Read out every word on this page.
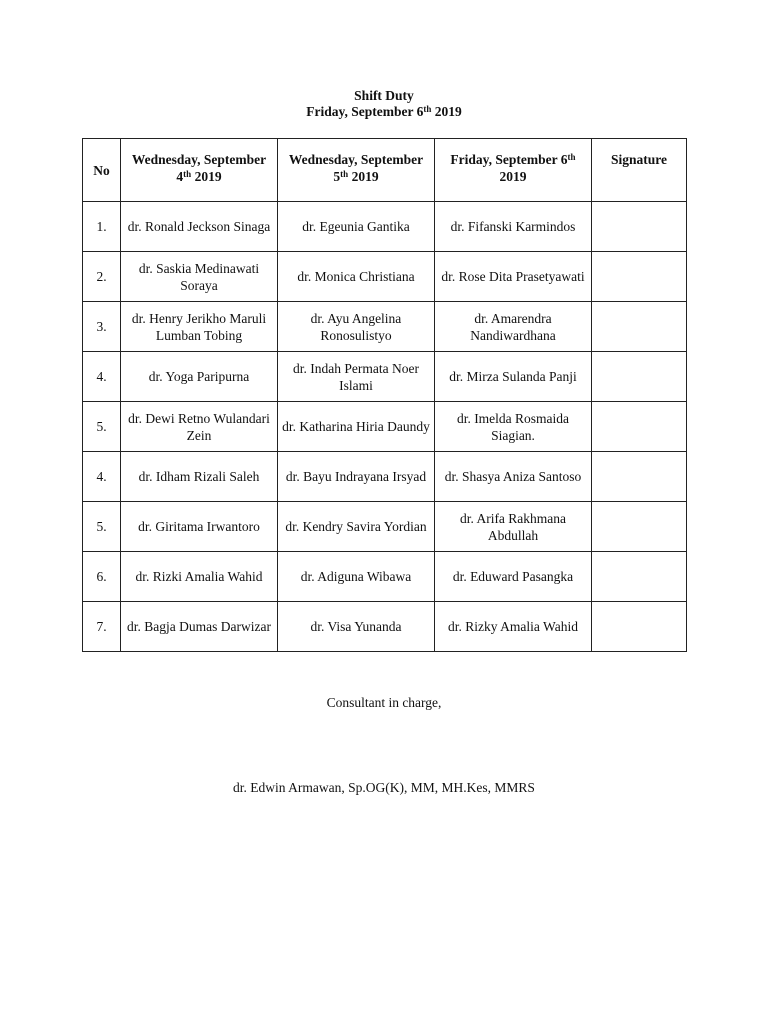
Shift Duty
Friday, September 6th 2019
No	Wednesday, September 4th 2019	Wednesday, September 5th 2019	Friday, September 6th 2019	Signature
1.	dr. Ronald Jeckson Sinaga	dr. Egeunia Gantika	dr. Fifanski Karmindos	
2.	dr. Saskia Medinawati Soraya	dr. Monica Christiana	dr. Rose Dita Prasetyawati	
3.	dr. Henry Jerikho Maruli Lumban Tobing	dr. Ayu Angelina Ronosulistyo	dr. Amarendra Nandiwardhana	
4.	dr. Yoga Paripurna	dr. Indah Permata Noer Islami	dr. Mirza Sulanda Panji	
5.	dr. Dewi Retno Wulandari Zein	dr. Katharina Hiria Daundy	dr. Imelda Rosmaida Siagian.	
4.	dr. Idham Rizali Saleh	dr. Bayu Indrayana Irsyad	dr. Shasya Aniza Santoso	
5.	dr. Giritama Irwantoro	dr. Kendry Savira Yordian	dr. Arifa Rakhmana Abdullah	
6.	dr. Rizki Amalia Wahid	dr. Adiguna Wibawa	dr. Eduward Pasangka	
7.	dr. Bagja Dumas Darwizar	dr. Visa Yunanda	dr. Rizky Amalia Wahid	
Consultant in charge,
dr. Edwin Armawan, Sp.OG(K), MM, MH.Kes, MMRS
